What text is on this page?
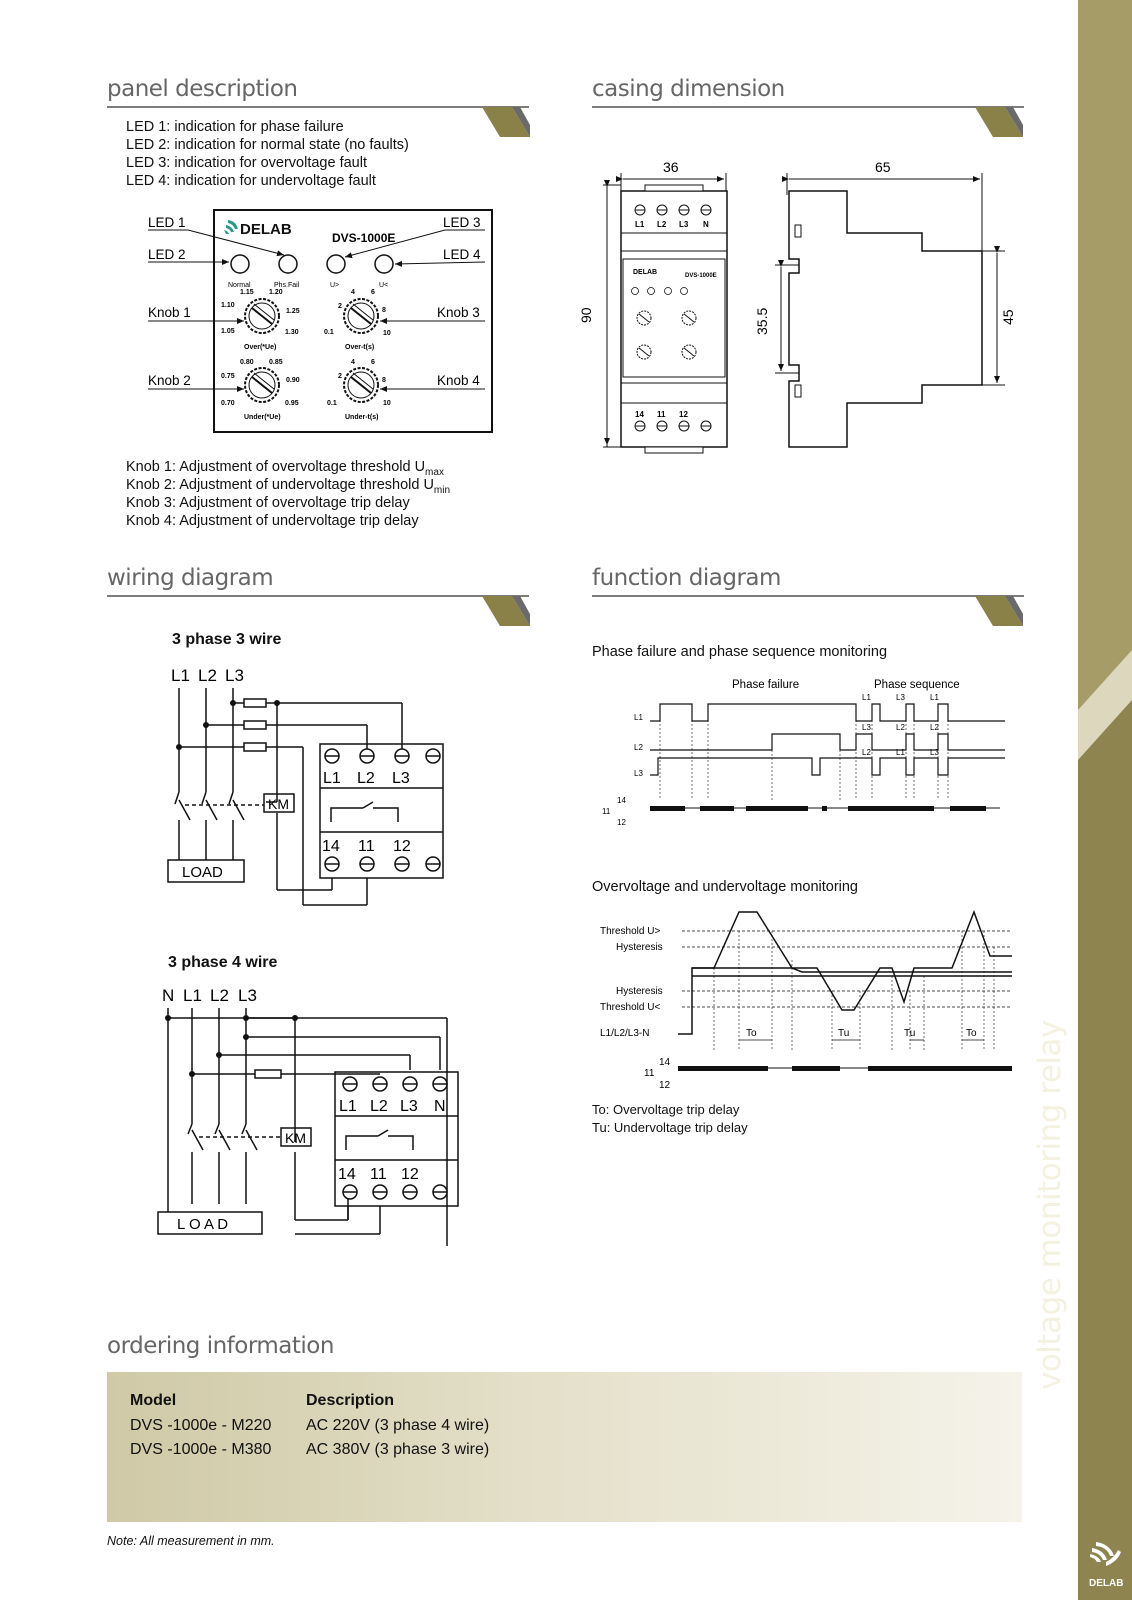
voltage monitoring relay
DELAB
panel description	casing dimension
wiring diagram	function diagram
ordering information
LED 1: indication for phase failure
LED 2: indication for normal state (no faults)
LED 3: indication for overvoltage fault
LED 4: indication for undervoltage fault
DELAB	DVS-1000E
Normal	Phs.Fail	U>	U<
1.15 1.20
1.10
1.25
1.05	1.30
Over(*Ue)
4 6
2
8
0.1	10
Over-t(s)
0.80 0.85
0.75
0.90
0.70	0.95
Under(*Ue)
4 6
2
8
0.1	10
Under-t(s)
LED 1
LED 2
LED 3
LED 4
Knob 1
Knob 2
Knob 3
Knob 4
Knob 1: Adjustment of overvoltage threshold $U_{max}$
Knob 2: Adjustment of undervoltage threshold $U_{min}$
Knob 3: Adjustment of overvoltage trip delay
Knob 4: Adjustment of undervoltage trip delay
90
36
L1 L2 L3 N
DELAB	DVS-1000E
14 11 12
65
35.5	45
3 phase 3 wire
L1 L2 L3
L1 L2 L3
14 11 12
KM
LOAD
3 phase 4 wire
N L1 L2 L3
L1 L2 L3 N
14 11 12
KM
L O A D
Phase failure and phase sequence monitoring
Phase failure	Phase sequence
L1
L2
L3
14
11
12
L1	L3	L1
L3	L2	L2
L2	L1	L3
Overvoltage and undervoltage monitoring
Threshold U>
Hysteresis
Hysteresis
Threshold U<
L1/L2/L3-N
14
11
12
To	Tu	Tu	To
To: Overvoltage trip delay
Tu: Undervoltage trip delay
Model	Description
DVS -1000e - M220 AC 220V (3 phase 4 wire)
DVS -1000e - M380 AC 380V (3 phase 3 wire)
Note: All measurement in mm.
